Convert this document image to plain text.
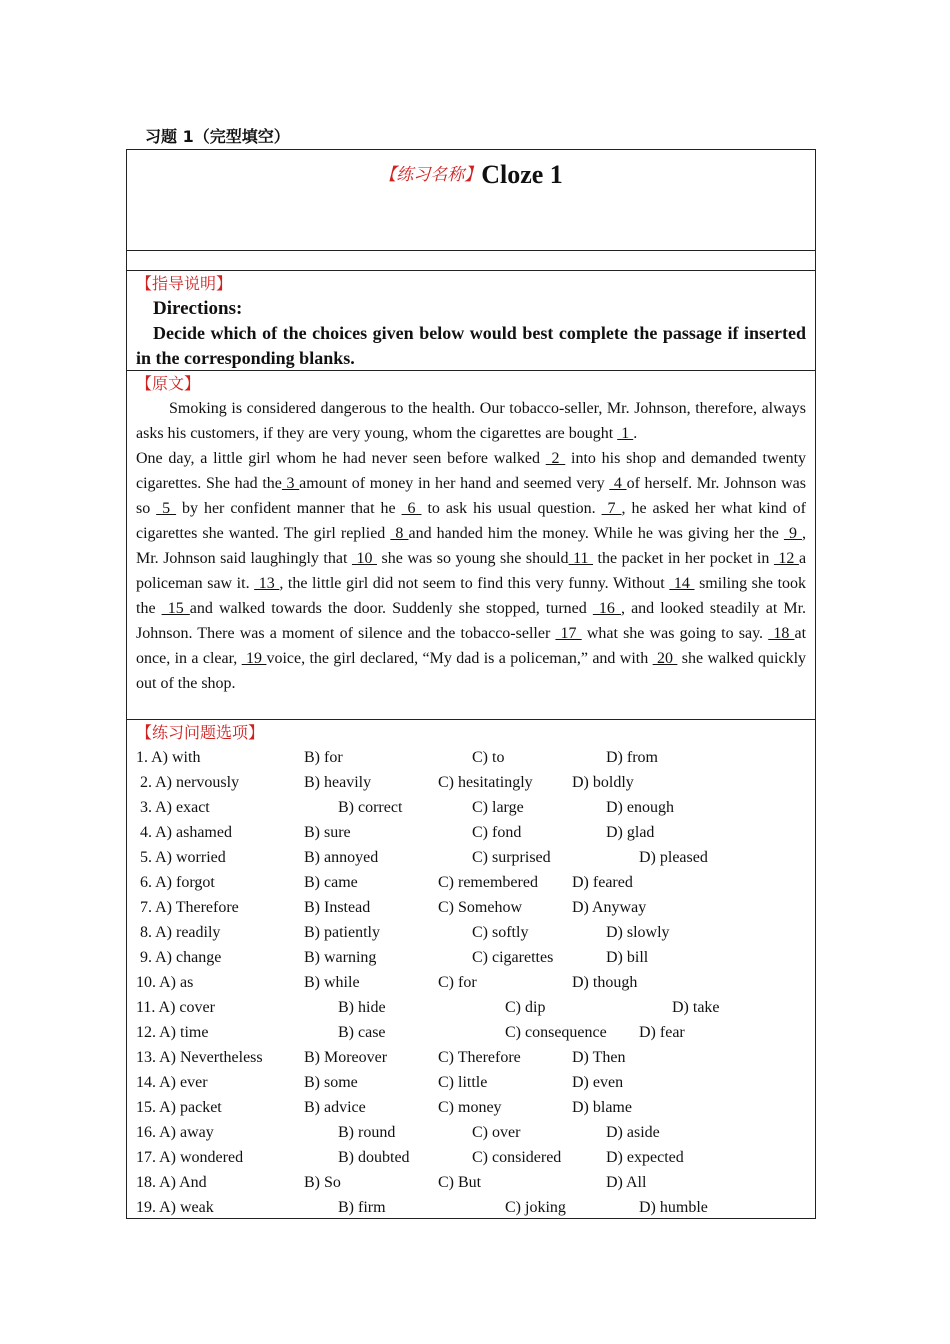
习题 1（完型填空）
【练习名称】Cloze 1
【指导说明】
Directions:
Decide which of the choices given below would best complete the passage if inserted in the corresponding blanks.
【原文】

Smoking is considered dangerous to the health. Our tobacco-seller, Mr. Johnson, therefore, always asks his customers, if they are very young, whom the cigarettes are bought  1 .

One day, a little girl whom he had never seen before walked  2  into his shop and demanded twenty cigarettes. She had the 3 amount of money in her hand and seemed very  4 of herself. Mr. Johnson was so  5  by her confident manner that he  6  to ask his usual question.  7 , he asked her what kind of cigarettes she wanted. The girl replied  8 and handed him the money. While he was giving her the  9 , Mr. Johnson said laughingly that  10  she was so young she should 11  the packet in her pocket in  12 a policeman saw it.  13 , the little girl did not seem to find this very funny. Without  14  smiling she took the  15 and walked towards the door. Suddenly she stopped, turned  16 , and looked steadily at Mr. Johnson. There was a moment of silence and the tobacco-seller  17  what she was going to say.  18 at once, in a clear,  19 voice, the girl declared, “My dad is a policeman,” and with  20  she walked quickly out of the shop.

【练习问题选项】
1. A) with	B) for	C) to	D) from
2. A) nervously	B) heavily	C) hesitatingly D) boldly
3. A) exact	B) correct	C) large	D) enough
4. A) ashamed	B) sure	C) fond	D) glad
5. A) worried	B) annoyed	C) surprised	D) pleased
6. A) forgot	B) came	C) remembered D) feared
7. A) Therefore	B) Instead	C) Somehow	D) Anyway
8. A) readily	B) patiently	C) softly	D) slowly
9. A) change	B) warning	C) cigarettes	D) bill
10. A) as	B) while	C) for	D) though
11. A) cover	B) hide	C) dip	D) take
12. A) time	B) case	C) consequence D) fear
13. A) Nevertheless	B) Moreover	C) Therefore	D) Then
14. A) ever	B) some	C) little	D) even
15. A) packet	B) advice	C) money	D) blame
16. A) away	B) round	C) over	D) aside
17. A) wondered	B) doubted	C) considered	D) expected
18. A) And	B) So	C) But	D) All
19. A) weak	B) firm	C) joking	D) humble
